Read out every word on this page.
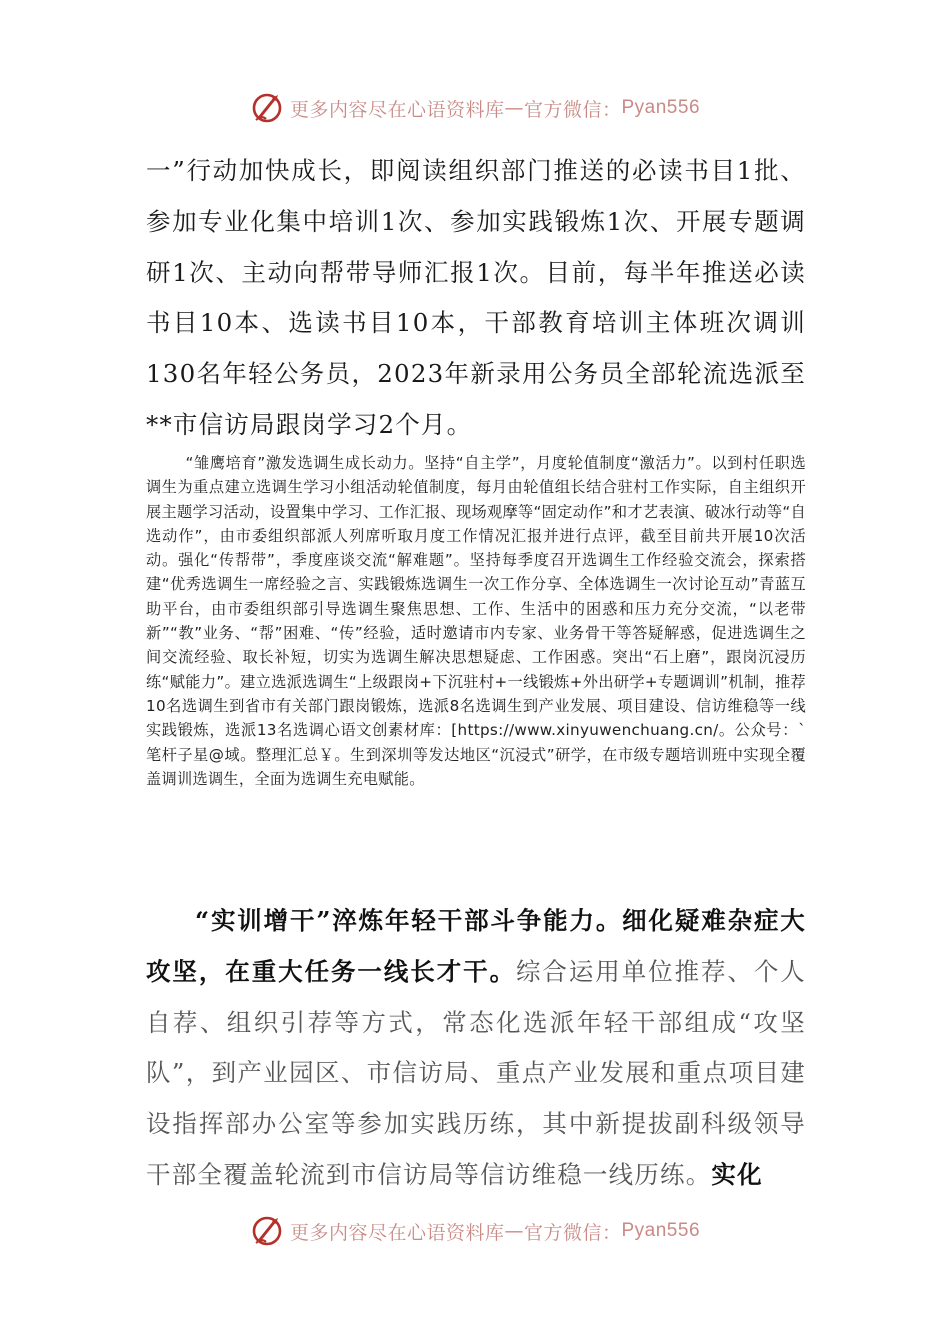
更多内容尽在心语资料库 — 官方微信： Pyan556
一”行动加快成长，即阅读组织部门推送的必读书目1批、参加专业化集中培训1次、参加实践锻炼1次、开展专题调研1次、主动向帮带导师汇报1次。目前，每半年推送必读书目10本、选读书目10本，干部教育培训主体班次调训130名年轻公务员，2023年新录用公务员全部轮流选派至**市信访局跟岗学习2个月。
“雏鹰培育”激发选调生成长动力。坚持“自主学”，月度轮值制度“激活力”。以到村任职选调生为重点建立选调生学习小组活动轮值制度，每月由轮值组长结合驻村工作实际，自主组织开展主题学习活动，设置集中学习、工作汇报、现场观摩等“固定动作”和才艺表演、破冰行动等“自选动作”，由市委组织部派人列席听取月度工作情况汇报并进行点评，截至目前共开展10次活动。强化“传帮带”，季度座谈交流“解难题”。坚持每季度召开选调生工作经验交流会，探索搭建“优秀选调生一席经验之言、实践锻炼选调生一次工作分享、全体选调生一次讨论互动”青蓝互助平台，由市委组织部引导选调生聚焦思想、工作、生活中的困惑和压力充分交流，“以老带新”“教”业务、“帮”困难、“传”经验，适时邀请市内专家、业务骨干等答疑解惑，促进选调生之间交流经验、取长补短，切实为选调生解决思想疑虑、工作困惑。突出“石上磨”，跟岗沉浸历练“赋能力”。建立选派选调生“上级跟岗+下沉驻村+一线锻炼+外出研学+专题调训”机制，推荐10名选调生到省市有关部门跟岗锻炼，选派8名选调生到产业发展、项目建设、信访维稳等一线实践锻炼，选派13名选调心语文创素材库：[https://www.xinyuwenchuang.cn/。公众号：`笔杆子星@域。整理汇总￥。生到深圳等发达地区“沉浸式”研学，在市级专题培训班中实现全覆盖调训选调生，全面为选调生充电赋能。
“实训增干”淬炼年轻干部斗争能力。细化疑难杂症大攻坚，在重大任务一线长才干。综合运用单位推荐、个人自荐、组织引荐等方式，常态化选派年轻干部组成“攻坚队”，到产业园区、市信访局、重点产业发展和重点项目建设指挥部办公室等参加实践历练，其中新提拔副科级领导干部全覆盖轮流到市信访局等信访维稳一线历练。实化
更多内容尽在心语资料库 — 官方微信： Pyan556
